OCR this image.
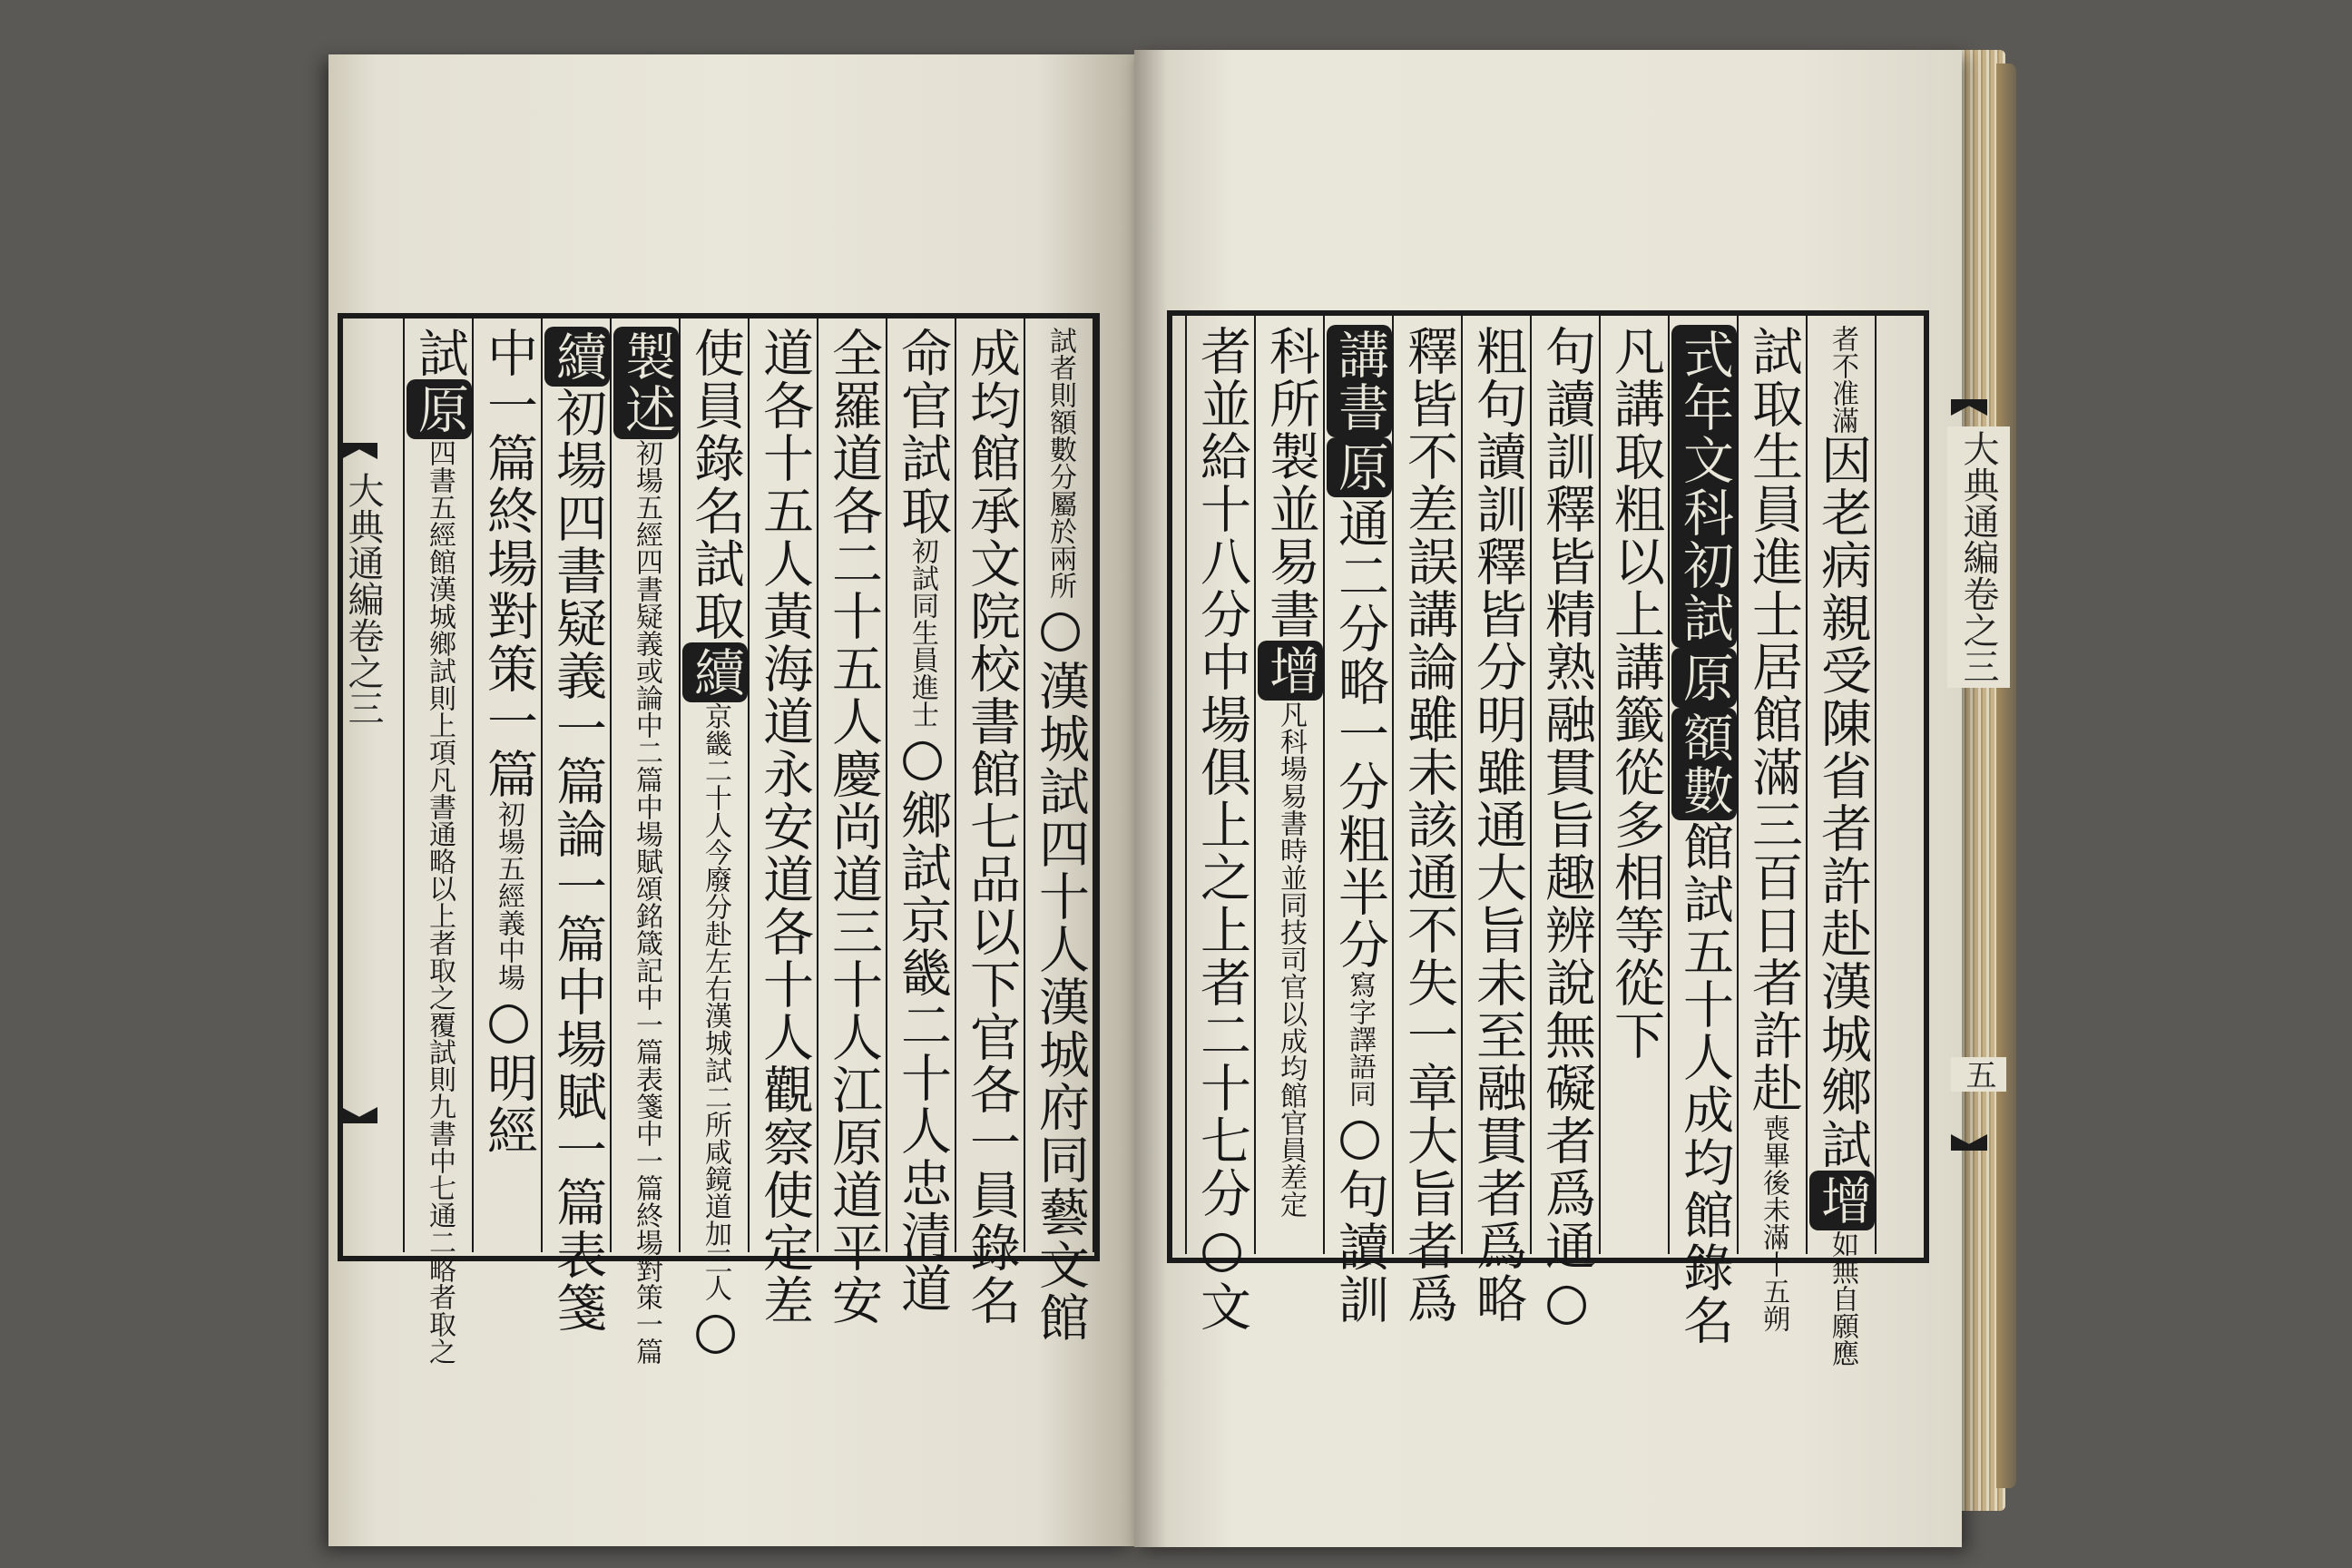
大典通編卷之三	大典通編卷之三
五
試原四書五經館漢城鄉試則上項凡書通略以上者取之覆試則九書中七通二略者取之 中一篇終場對策一篇初場五經義中場○明經
續初場四書疑義一篇論一篇中場賦一篇表箋
製述初場五經四書疑義或論中二篇中場賦頌銘箴記中一篇表箋中一篇終場對策一篇 使員錄名試取續京畿二十人今廢分赴左右漢城試二所咸鏡道加三人○
道各十五人黃海道永安道各十人觀察使定差 全羅道各二十五人慶尚道三十人江原道平安 命官試取初試同生員進士○鄉試京畿二十人忠清道 成均館承文院校書館七品以下官各一員錄名 試者則額數分屬於兩所○漢城試四十人漢城府同藝文館 者並給十八分中場俱上之上者二十七分○文 科所製並易書增凡科場易書時並同技司官以成均館官員差定
講書原通二分略一分粗半分寫字譯語同○句讀訓 釋皆不差誤講論雖未該通不失一章大旨者爲 粗句讀訓釋皆分明雖通大旨未至融貫者爲略 句讀訓釋皆精熟融貫旨趣辨說無礙者爲通○ 凡講取粗以上講籤從多相等從下 式年文科初試原額數館試五十人成均館錄名 試取生員進士居館滿三百日者許赴喪畢後未滿十五朔
者不准滿因老病親受陳省者許赴漢城鄉試增如無自願應
